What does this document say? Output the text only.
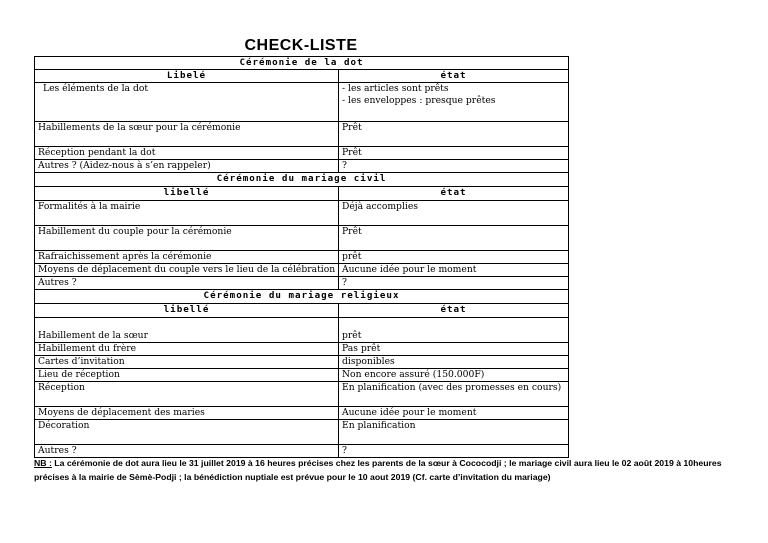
CHECK-LISTE
Cérémonie de la dot	
Libelé	état
Les éléments de la dot	- les articles sont prêts
- les enveloppes : presque prêtes

Habillements de la sœur pour la cérémonie	Prêt
Réception pendant la dot	Prêt
Autres ? (Aidez-nous à s’en rappeler)	?
Cérémonie du mariage civil	
libellé	état
Formalités à la mairie	Déjà accomplies
Habillement du couple pour la cérémonie	Prêt
Rafraichissement après la cérémonie	prêt
Moyens de déplacement du couple vers le lieu de la célébration	Aucune idée pour le moment
Autres ?	?
Cérémonie du mariage religieux	
libellé	état
Habillement de la sœur	prêt
Habillement du frère	Pas prêt
Cartes d’invitation	disponibles
Lieu de réception	Non encore assuré (150.000F)
Réception	En planification (avec des promesses en cours)
Moyens de déplacement des maries	Aucune idée pour le moment
Décoration	En planification
Autres ?	?
NB : La cérémonie de dot aura lieu le 31 juillet 2019 à 16 heures précises chez les parents de la sœur à Cococodji ; le mariage civil aura lieu le 02 août 2019 à 10heures précises à la mairie de Sèmè-Podji ; la bénédiction nuptiale est prévue pour le 10 aout 2019 (Cf. carte d’invitation du mariage)
